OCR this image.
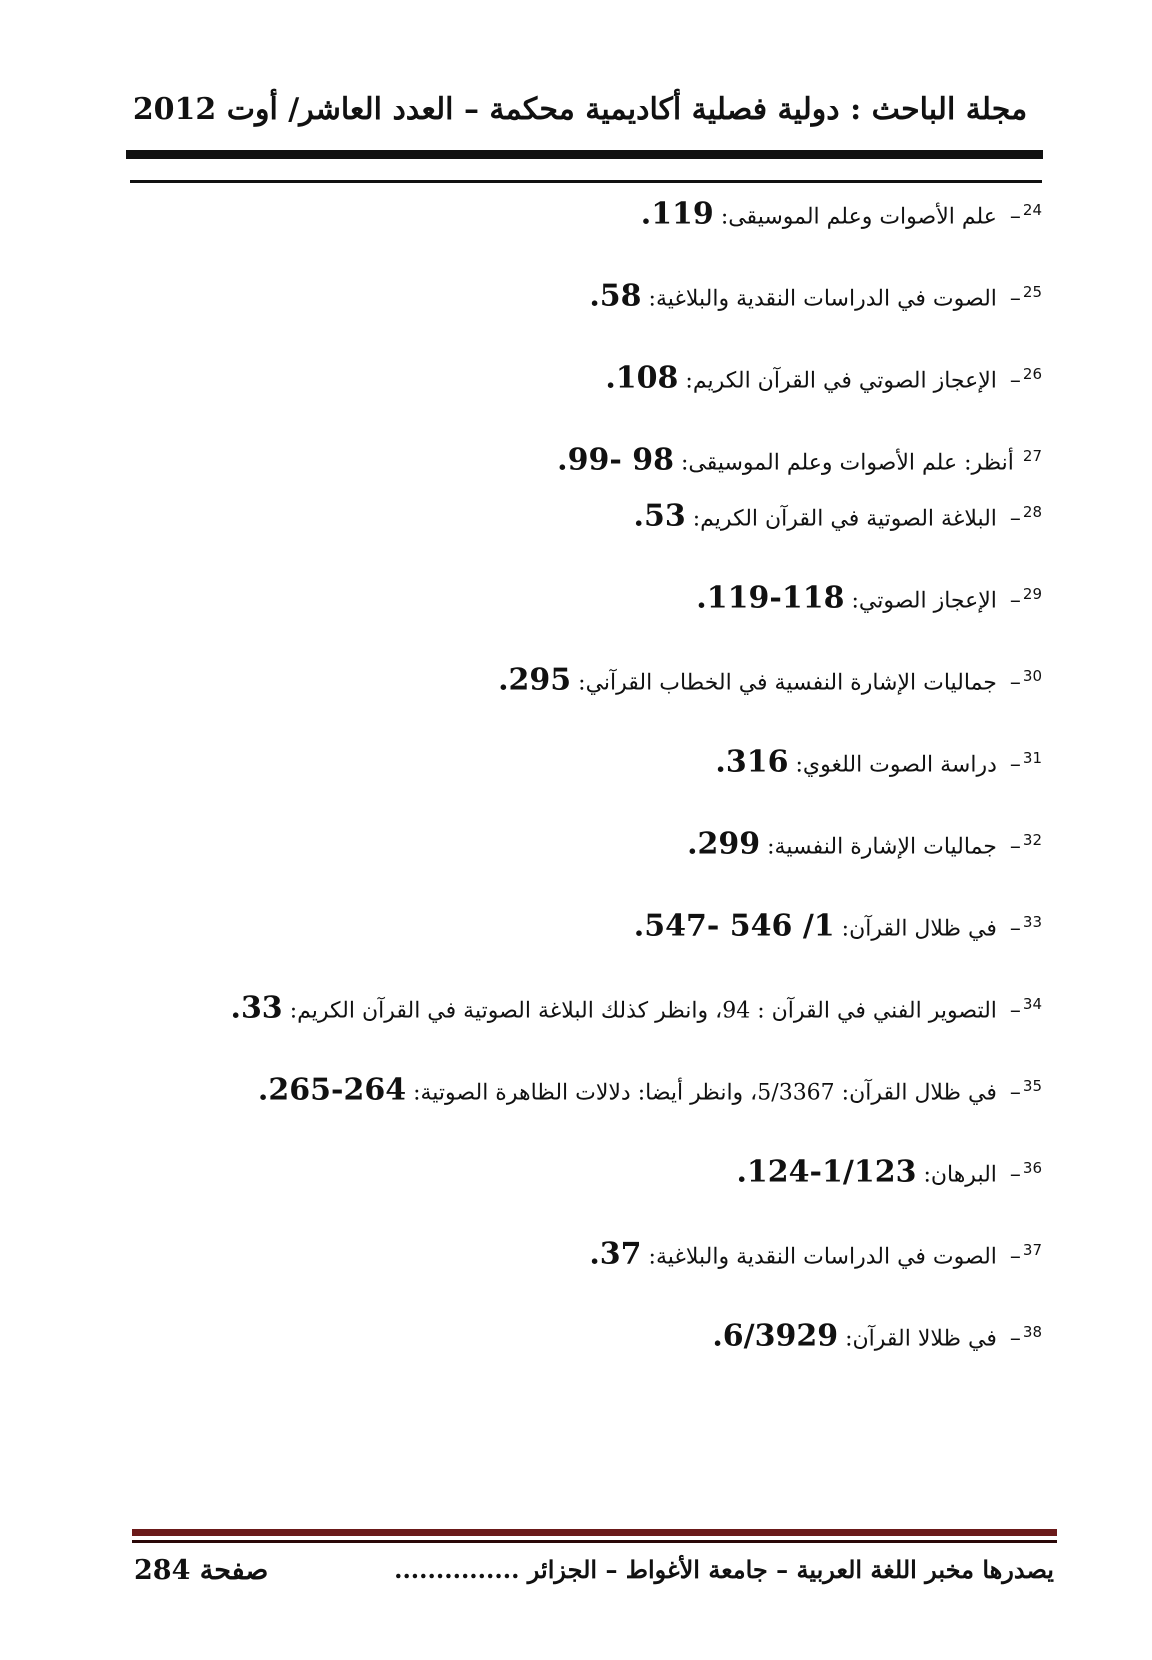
مجلة الباحث : دولية فصلية أكاديمية محكمة – العدد العاشر/ أوت 2012
$^{24}$– علم الأصوات وعلم الموسيقى: 119.
$^{25}$– الصوت في الدراسات النقدية والبلاغية: 58.
$^{26}$– الإعجاز الصوتي في القرآن الكريم: 108.
$^{27}$ أنظر: علم الأصوات وعلم الموسيقى: 98 -99.
$^{28}$– البلاغة الصوتية في القرآن الكريم: 53.
$^{29}$– الإعجاز الصوتي: 118-119.
$^{30}$– جماليات الإشارة النفسية في الخطاب القرآني: 295.
$^{31}$– دراسة الصوت اللغوي: 316.
$^{32}$– جماليات الإشارة النفسية: 299.
$^{33}$– في ظلال القرآن: 1/ 546 -547.
$^{34}$– التصوير الفني في القرآن : 94، وانظر كذلك البلاغة الصوتية في القرآن الكريم: 33.
$^{35}$– في ظلال القرآن: 5/3367، وانظر أيضا: دلالات الظاهرة الصوتية: 264-265.
$^{36}$– البرهان: 1/123-124.
$^{37}$– الصوت في الدراسات النقدية والبلاغية: 37.
$^{38}$– في ظلالا القرآن: 6/3929.
يصدرها مخبر اللغة العربية – جامعة الأغواط – الجزائر ...............
صفحة 284
